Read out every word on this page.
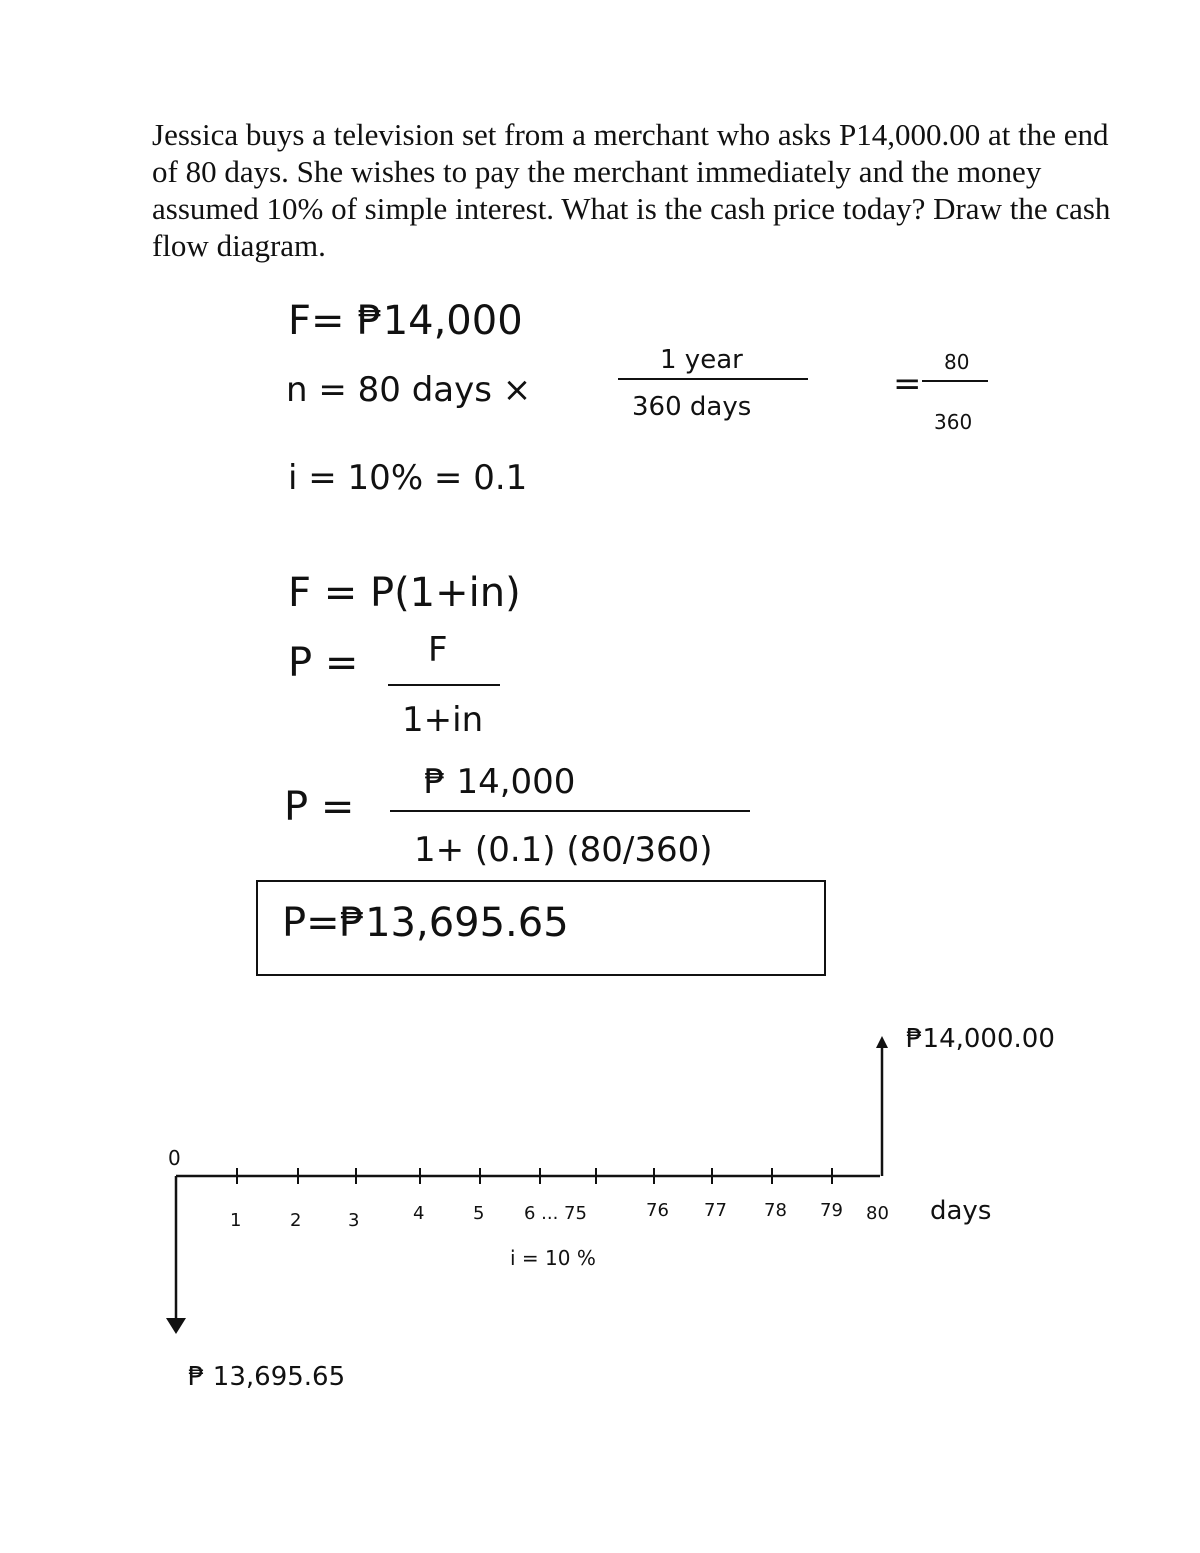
Jessica buys a television set from a merchant who asks P14,000.00 at the end of 80 days. She wishes to pay the merchant immediately and the money assumed 10% of simple interest. What is the cash price today? Draw the cash flow diagram.
F= ₱14,000
n = 80 days ×
1 year
360 days
=
80
360
i = 10% = 0.1
F = P(1+in)
P = F
1+in
P =
₱ 14,000
1+ (0.1) (80/360)
P=₱13,695.65
0
1	2	3	4	5 6 ... 75	76 77 78 79 80 days
i = 10 %
₱14,000.00
₱ 13,695.65
